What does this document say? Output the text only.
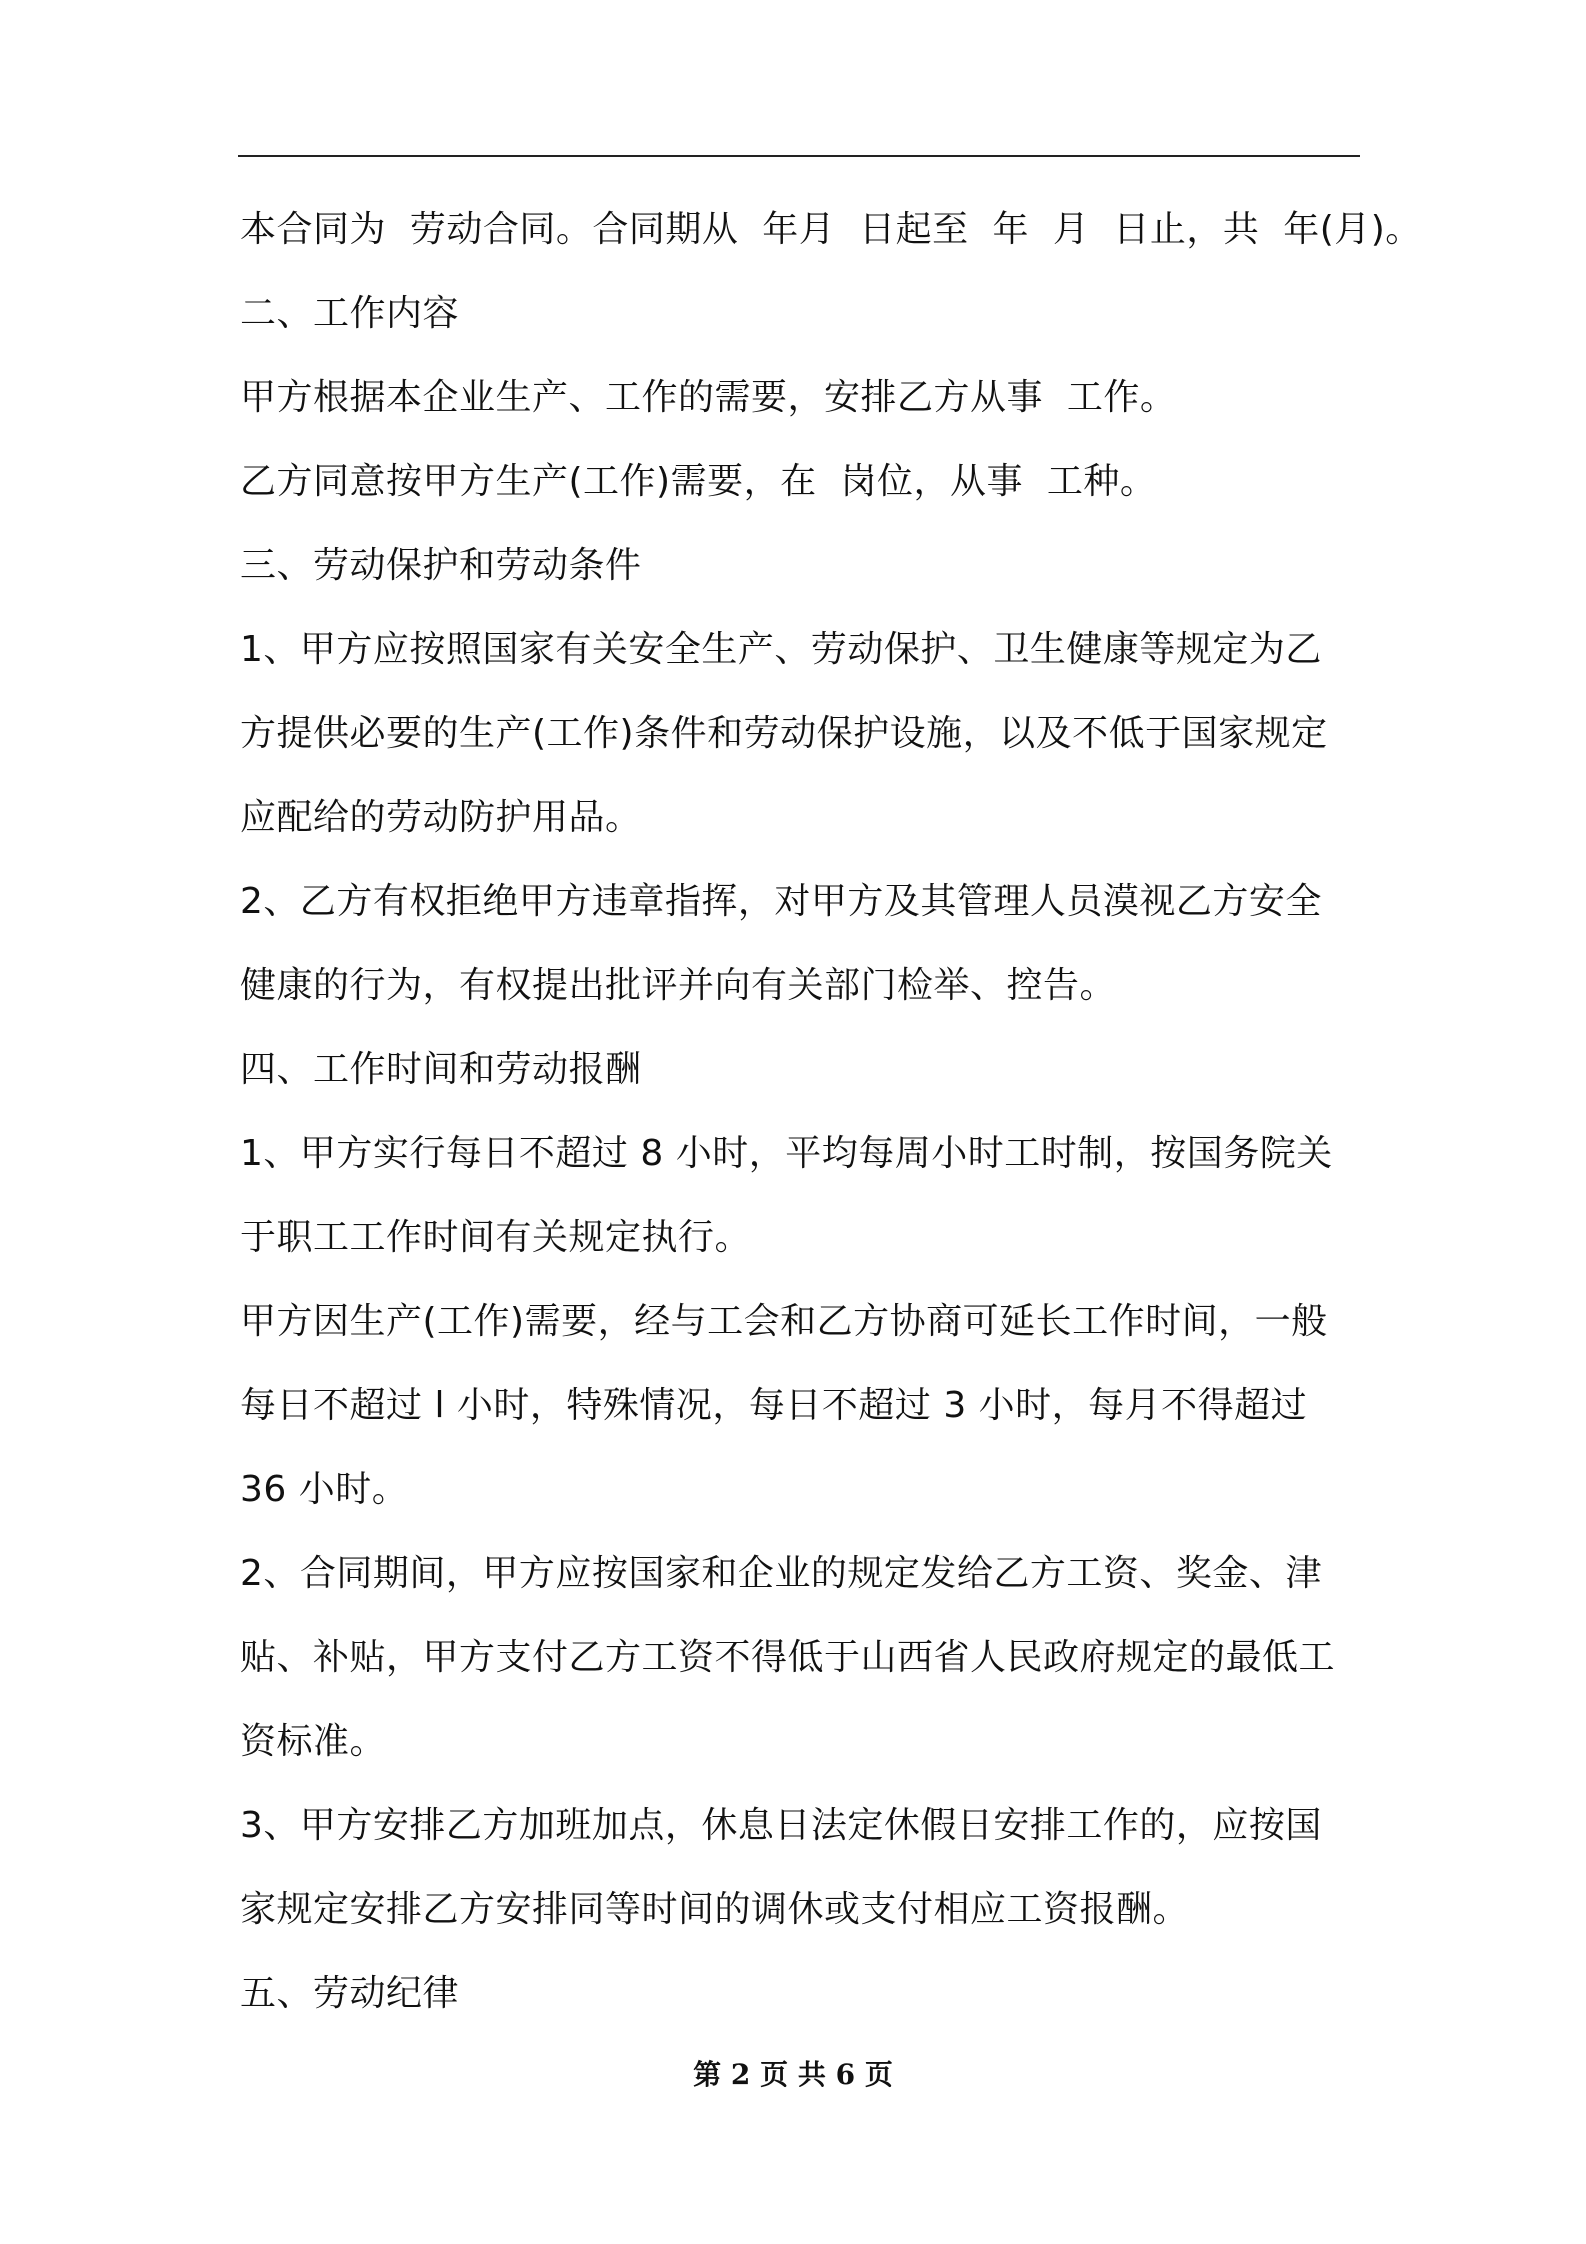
本合同为  劳动合同。合同期从  年月  日起至  年  月  日止，共  年(月)。
二、工作内容
甲方根据本企业生产、工作的需要，安排乙方从事  工作。
乙方同意按甲方生产(工作)需要，在  岗位，从事  工种。
三、劳动保护和劳动条件
1、甲方应按照国家有关安全生产、劳动保护、卫生健康等规定为乙
方提供必要的生产(工作)条件和劳动保护设施，以及不低于国家规定
应配给的劳动防护用品。
2、乙方有权拒绝甲方违章指挥，对甲方及其管理人员漠视乙方安全
健康的行为，有权提出批评并向有关部门检举、控告。
四、工作时间和劳动报酬
1、甲方实行每日不超过 8 小时，平均每周小时工时制，按国务院关
于职工工作时间有关规定执行。
甲方因生产(工作)需要，经与工会和乙方协商可延长工作时间，一般
每日不超过 l 小时，特殊情况，每日不超过 3 小时，每月不得超过
36 小时。
2、合同期间，甲方应按国家和企业的规定发给乙方工资、奖金、津
贴、补贴，甲方支付乙方工资不得低于山西省人民政府规定的最低工
资标准。
3、甲方安排乙方加班加点，休息日法定休假日安排工作的，应按国
家规定安排乙方安排同等时间的调休或支付相应工资报酬。
五、劳动纪律
第 2 页 共 6 页
